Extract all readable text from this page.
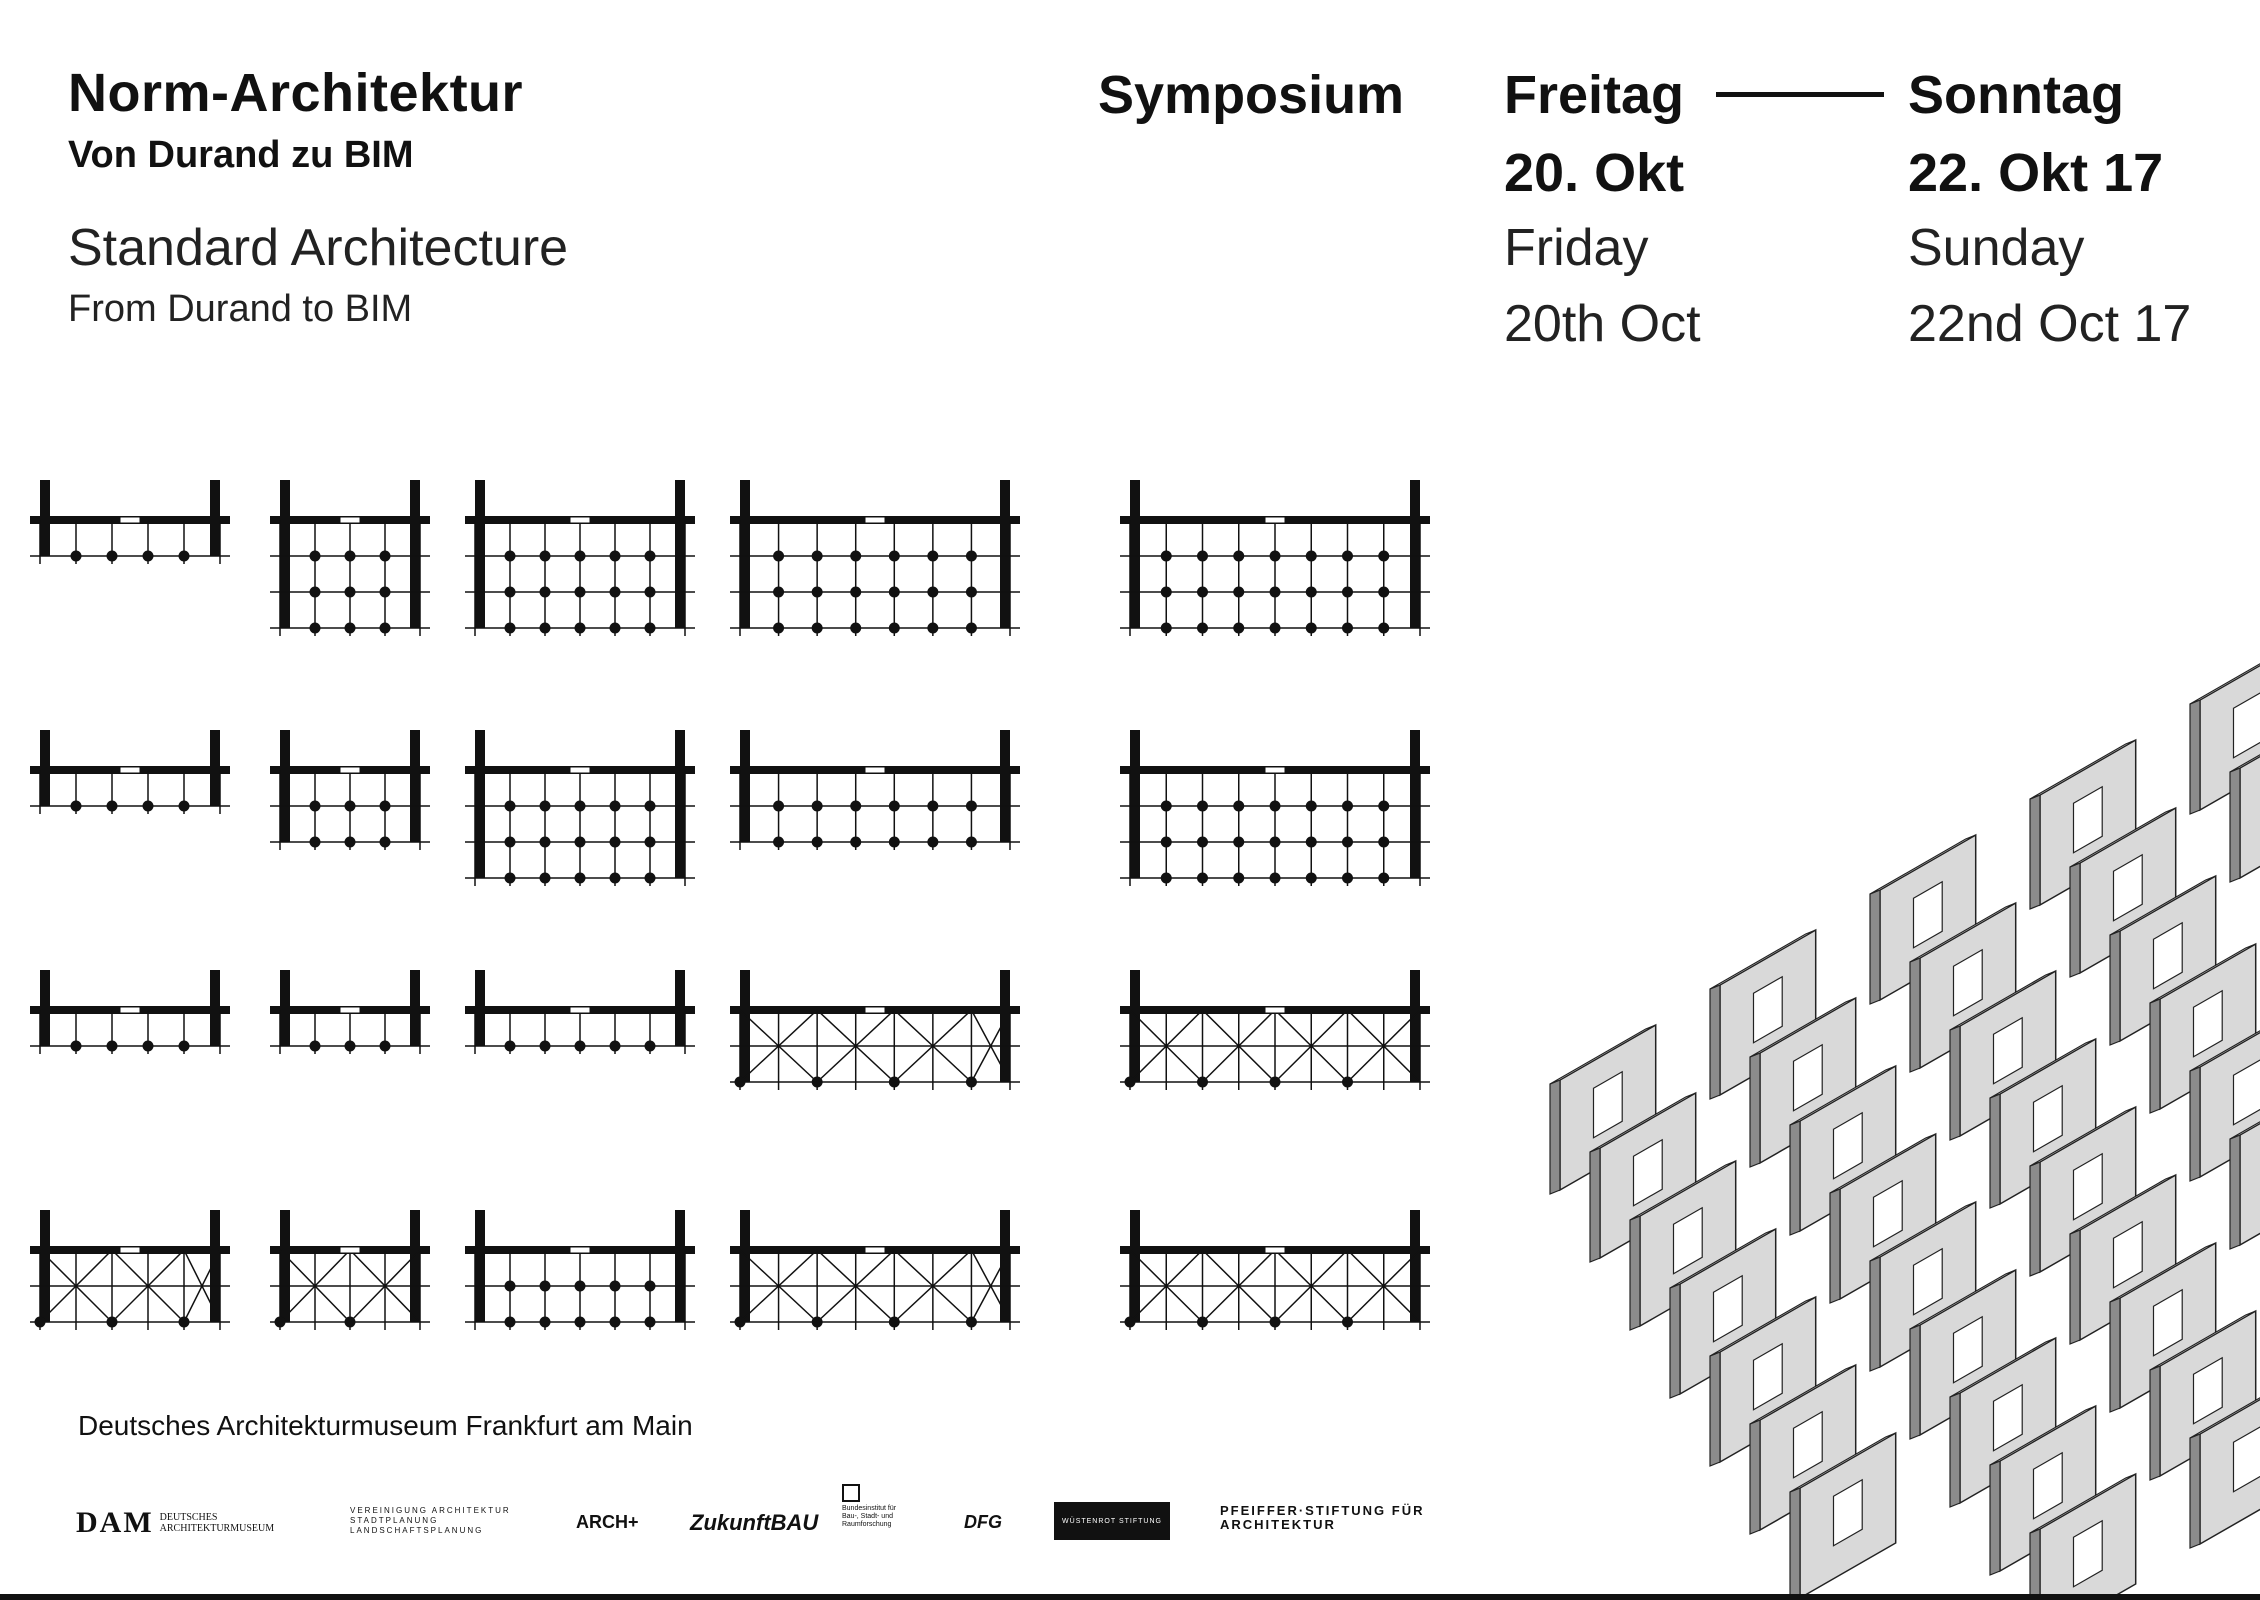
Norm-Architektur
Von Durand zu BIM
Standard Architecture
From Durand to BIM
Symposium Freitag
20. Okt
Friday
20th Oct
Sonntag
22. Okt 17
Sunday
22nd Oct 17
Deutsches Architekturmuseum Frankfurt am Main
DAM DEUTSCHES ARCHITEKTURMUSEUM
VEREINIGUNG ARCHITEKTUR STADTPLANUNG LANDSCHAFTSPLANUNG	ARCH+ ZukunftBAU
Bundesinstitut für Bau-, Stadt- und Raumforschung	DFG	WÜSTENROT STIFTUNG
PFEIFFER·STIFTUNG FÜR ARCHITEKTUR
